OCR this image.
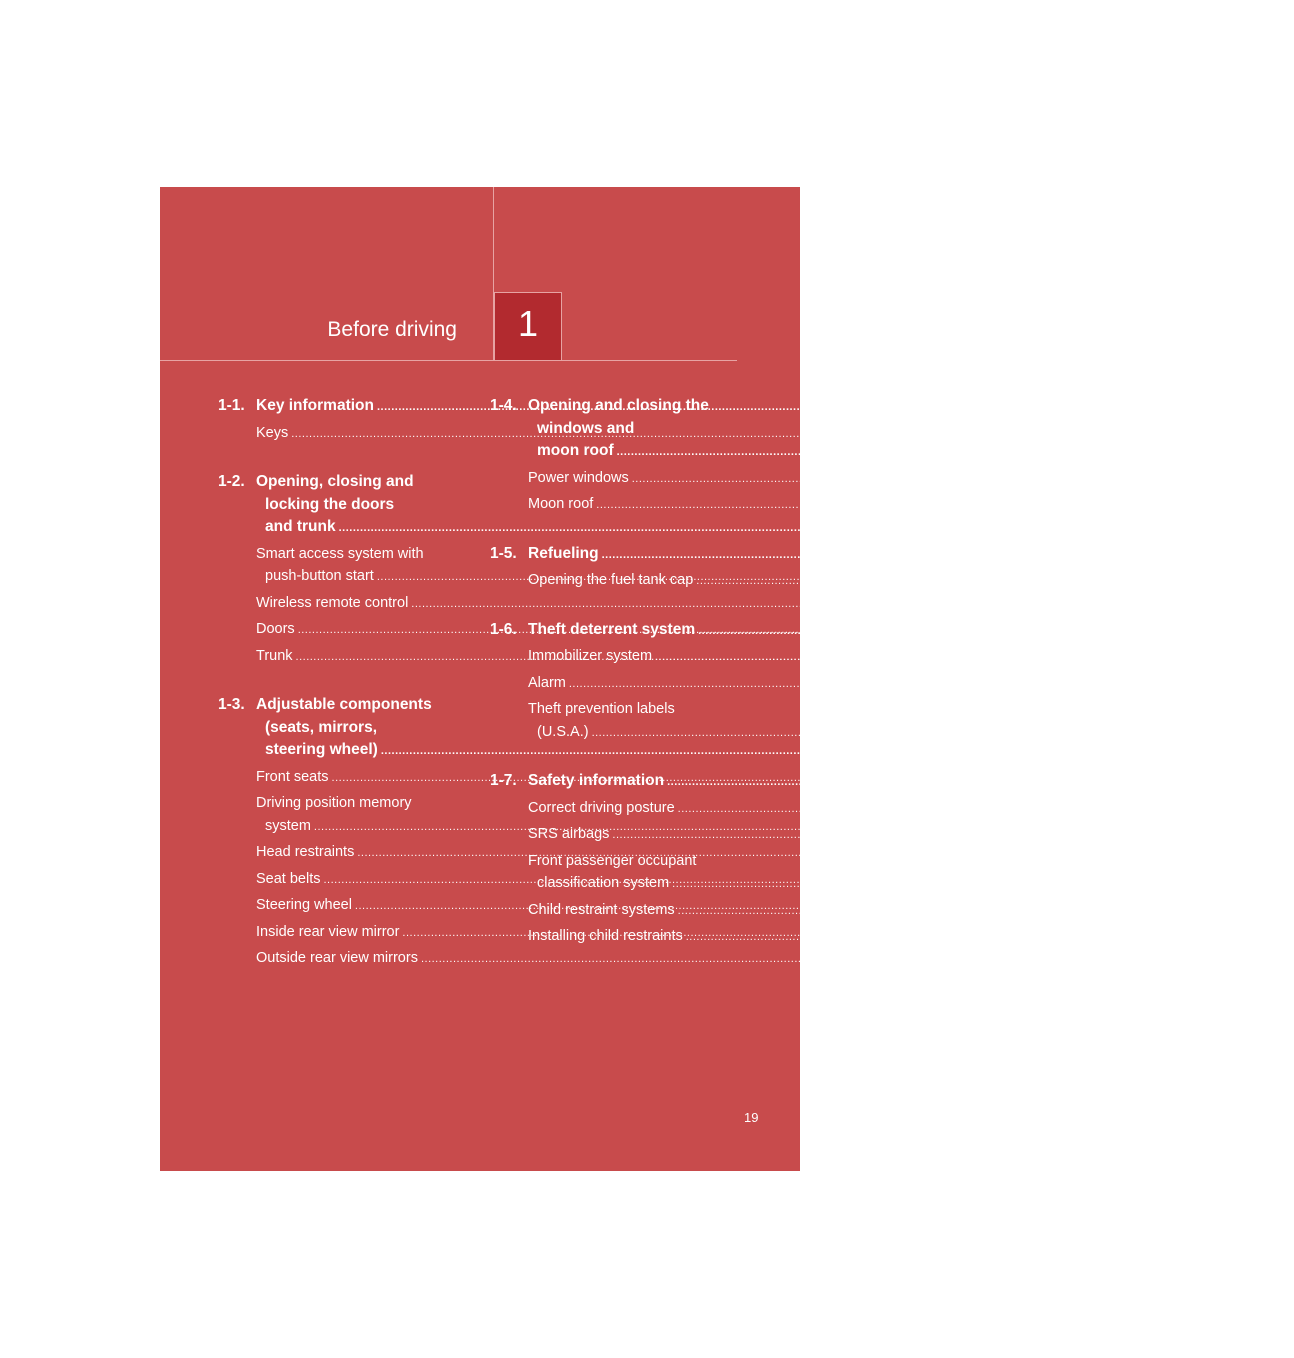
Before driving 1
1-1. Key information .....	20
Keys .....	20
1-2. Opening, closing and
locking the doors
and trunk .....	22
Smart access system with
push-button start .....	22
Wireless remote control .....	34
Doors .....	37
Trunk .....	42
1-3. Adjustable components
(seats, mirrors,
steering wheel) .....	45
Front seats .....	45
Driving position memory
system .....	47
Head restraints .....	51
Seat belts .....	53
Steering wheel .....	60
Inside rear view mirror .....	61
Outside rear view mirrors .....	62
1-4. Opening and closing the
windows and
moon roof .....	64
Power windows .....	64
Moon roof .....	67
1-5. Refueling .....	70
Opening the fuel tank cap .....	70
1-6. Theft deterrent system .....	73
Immobilizer system .....	73
Alarm .....	75
Theft prevention labels
(U.S.A.) .....	77
1-7. Safety information .....	78
Correct driving posture .....	78
SRS airbags .....	80
Front passenger occupant
classification system .....	92
Child restraint systems .....	98
Installing child restraints .....	102
19
